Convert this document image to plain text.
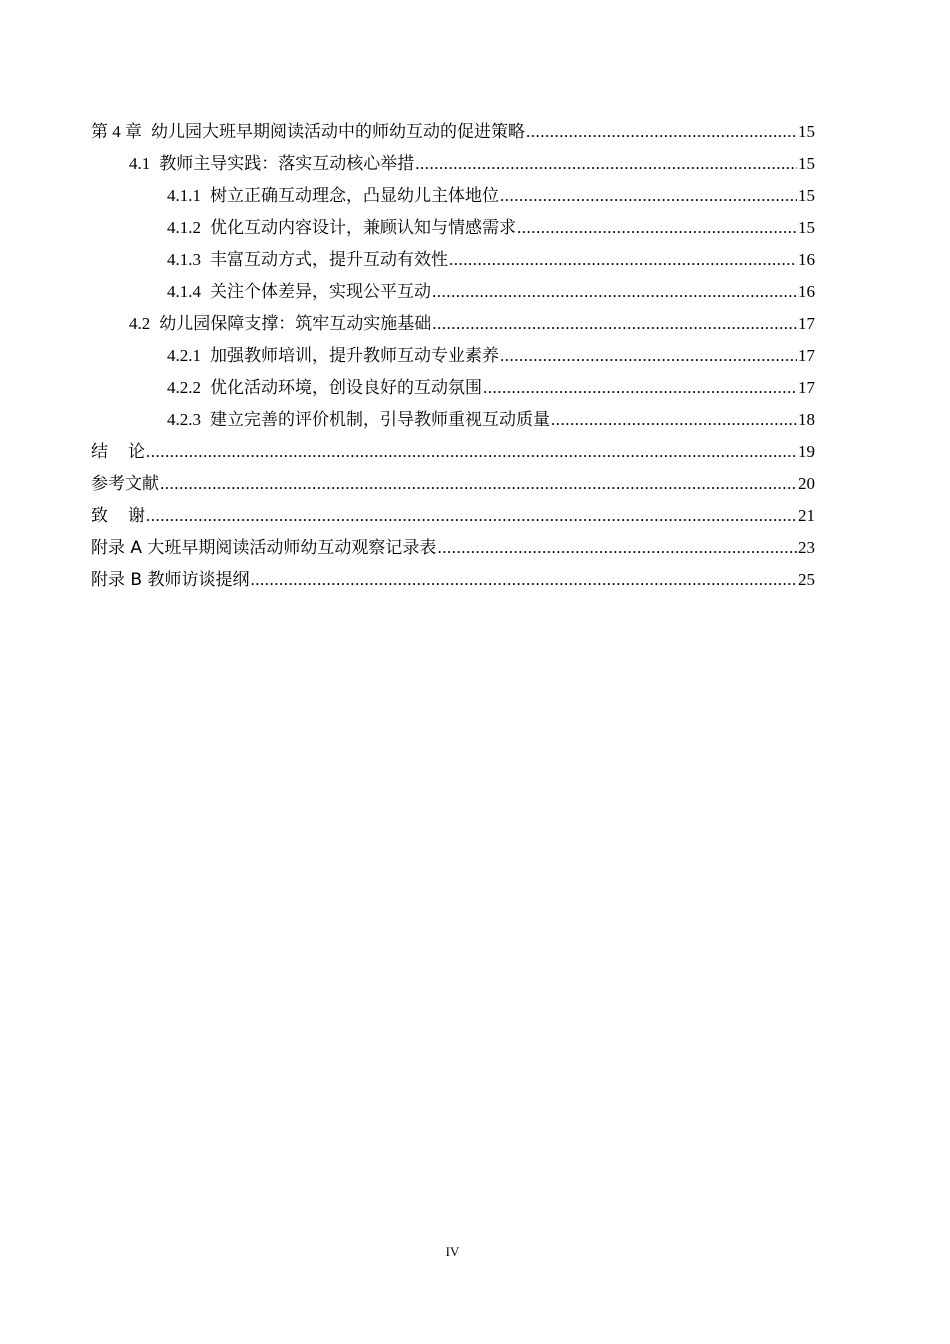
第 4 章 幼儿园大班早期阅读活动中的师幼互动的促进策略 .....	15
4.1 教师主导实践：落实互动核心举措 .....	15
4.1.1 树立正确互动理念，凸显幼儿主体地位 .....	15
4.1.2 优化互动内容设计，兼顾认知与情感需求 .....	15
4.1.3 丰富互动方式，提升互动有效性 .....	16
4.1.4 关注个体差异，实现公平互动 .....	16
4.2 幼儿园保障支撑：筑牢互动实施基础 .....	17
4.2.1 加强教师培训，提升教师互动专业素养 .....	17
4.2.2 优化活动环境，创设良好的互动氛围 .....	17
4.2.3 建立完善的评价机制，引导教师重视互动质量 .....	18
结论 .....	19
参考文献 .....	20
致谢 .....	21
附录 A 大班早期阅读活动师幼互动观察记录表 .....	23
附录 B 教师访谈提纲 .....	25
IV
